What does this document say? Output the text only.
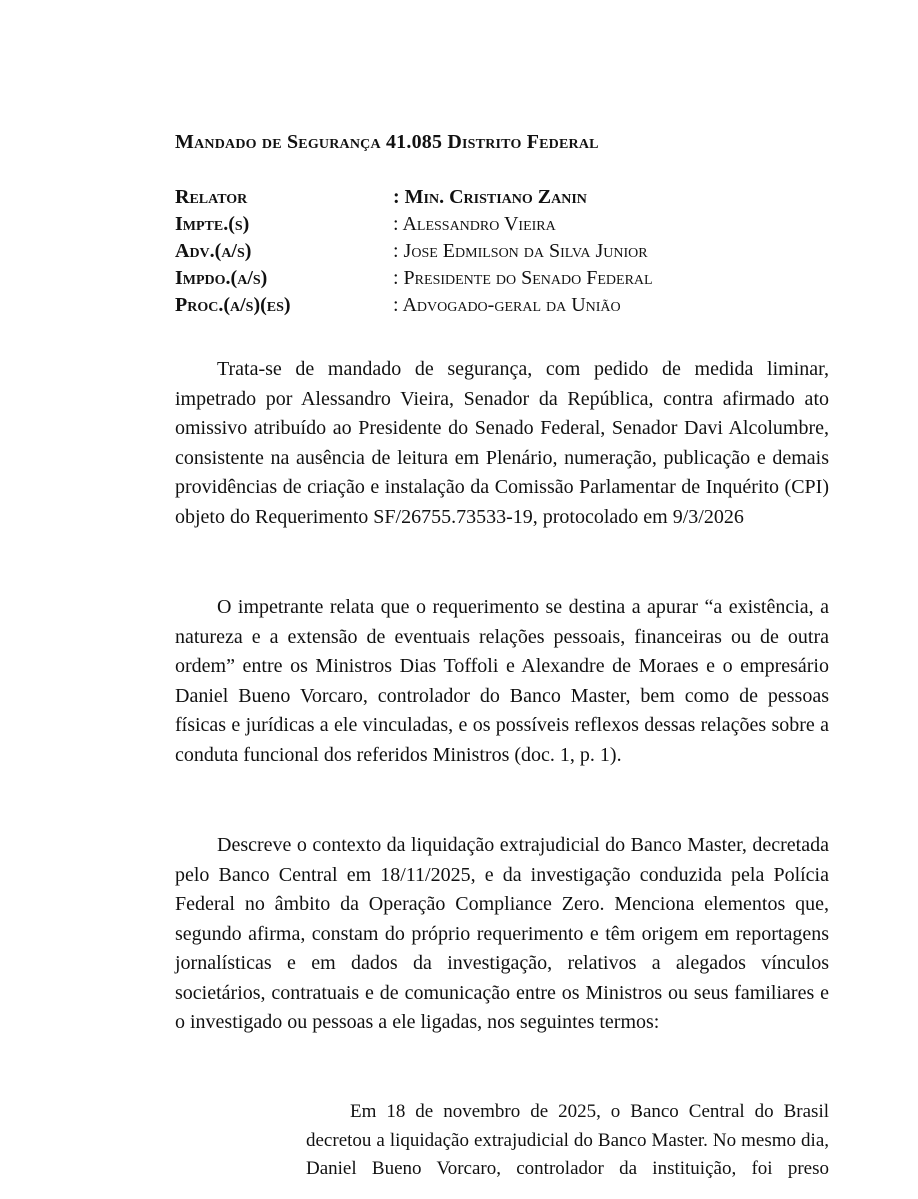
Mandado de Segurança 41.085 Distrito Federal
Relator	: Min. Cristiano Zanin
Impte.(s)	: Alessandro Vieira
Adv.(a/s)	: Jose Edmilson da Silva Junior
Impdo.(a/s)	: Presidente do Senado Federal
Proc.(a/s)(es)	: Advogado-geral da União

Trata-se de mandado de segurança, com pedido de medida liminar, impetrado por Alessandro Vieira, Senador da República, contra afirmado ato omissivo atribuído ao Presidente do Senado Federal, Senador Davi Alcolumbre, consistente na ausência de leitura em Plenário, numeração, publicação e demais providências de criação e instalação da Comissão Parlamentar de Inquérito (CPI) objeto do Requerimento SF/26755.73533-19, protocolado em 9/3/2026

O impetrante relata que o requerimento se destina a apurar “a existência, a natureza e a extensão de eventuais relações pessoais, financeiras ou de outra ordem” entre os Ministros Dias Toffoli e Alexandre de Moraes e o empresário Daniel Bueno Vorcaro, controlador do Banco Master, bem como de pessoas físicas e jurídicas a ele vinculadas, e os possíveis reflexos dessas relações sobre a conduta funcional dos referidos Ministros (doc. 1, p. 1).

Descreve o contexto da liquidação extrajudicial do Banco Master, decretada pelo Banco Central em 18/11/2025, e da investigação conduzida pela Polícia Federal no âmbito da Operação Compliance Zero. Menciona elementos que, segundo afirma, constam do próprio requerimento e têm origem em reportagens jornalísticas e em dados da investigação, relativos a alegados vínculos societários, contratuais e de comunicação entre os Ministros ou seus familiares e o investigado ou pessoas a ele ligadas, nos seguintes termos:

Em 18 de novembro de 2025, o Banco Central do Brasil decretou a liquidação extrajudicial do Banco Master. No mesmo dia, Daniel Bueno Vorcaro, controlador da instituição, foi preso
